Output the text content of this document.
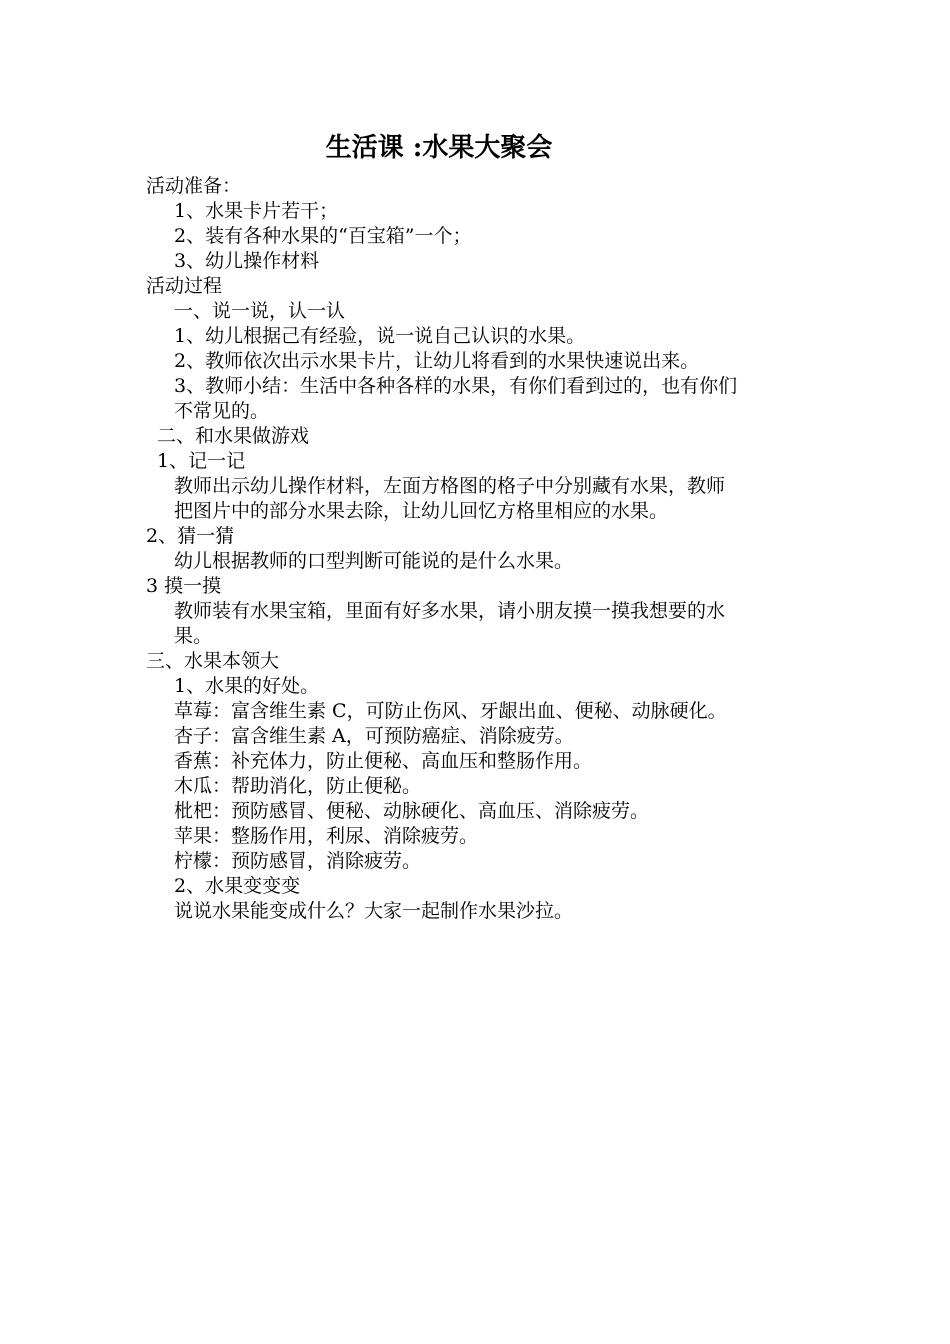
生活课 :水果大聚会
活动准备：
1、水果卡片若干；
2、装有各种水果的“百宝箱”一个；
3、幼儿操作材料
活动过程
一、说一说，认一认
1、幼儿根据己有经验，说一说自己认识的水果。
2、教师依次出示水果卡片，让幼儿将看到的水果快速说出来。
3、教师小结：生活中各种各样的水果，有你们看到过的，也有你们
不常见的。
二、和水果做游戏
1、记一记
教师出示幼儿操作材料，左面方格图的格子中分别藏有水果，教师
把图片中的部分水果去除，让幼儿回忆方格里相应的水果。
2、猜一猜
幼儿根据教师的口型判断可能说的是什么水果。
3 摸一摸
教师装有水果宝箱，里面有好多水果，请小朋友摸一摸我想要的水
果。
三、水果本领大
1、水果的好处。
草莓：富含维生素 C，可防止伤风、牙龈出血、便秘、动脉硬化。
杏子：富含维生素 A，可预防癌症、消除疲劳。
香蕉：补充体力，防止便秘、高血压和整肠作用。
木瓜：帮助消化，防止便秘。
枇杷：预防感冒、便秘、动脉硬化、高血压、消除疲劳。
苹果：整肠作用，利尿、消除疲劳。
柠檬：预防感冒，消除疲劳。
2、水果变变变
说说水果能变成什么？大家一起制作水果沙拉。
